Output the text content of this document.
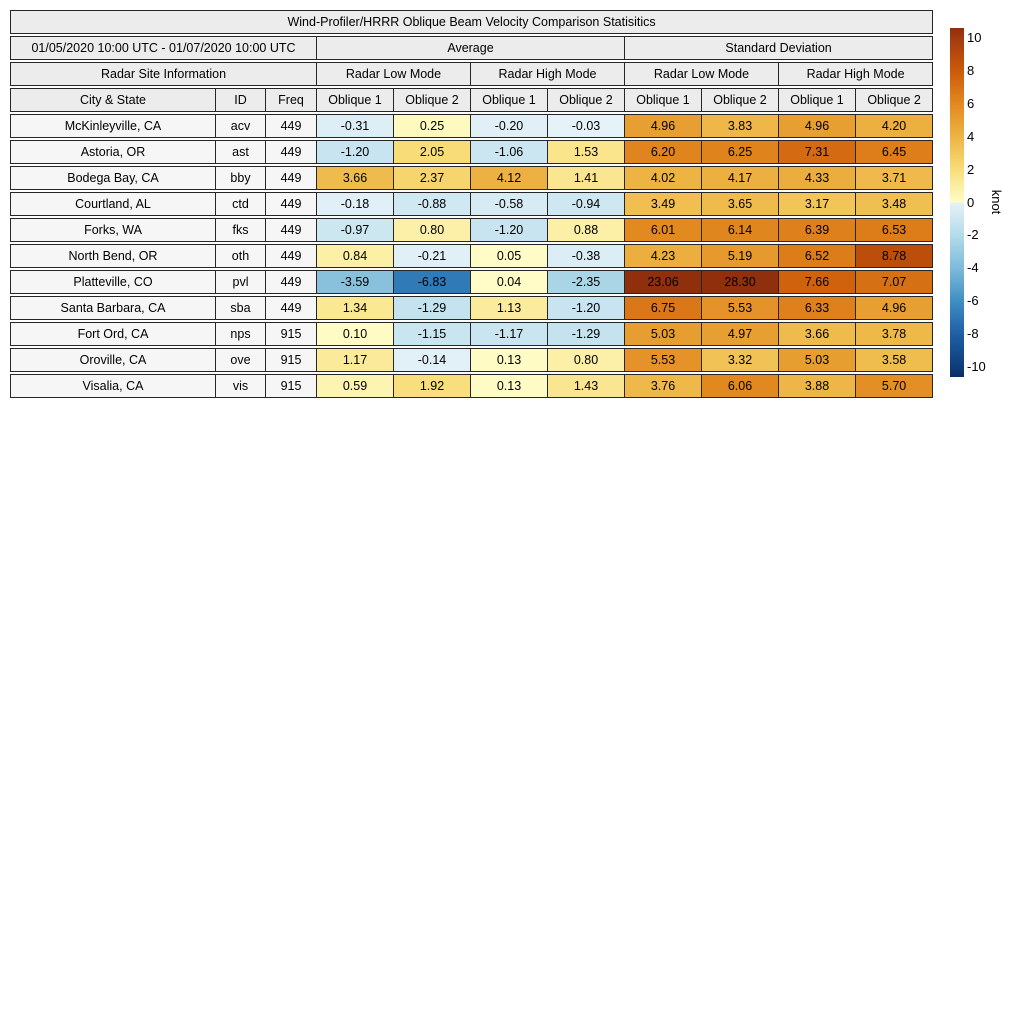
Wind-Profiler/HRRR Oblique Beam Velocity Comparison Statisitics										
01/05/2020 10:00 UTC - 01/07/2020 10:00 UTC			Average				Standard Deviation			
Radar Site Information			Radar Low Mode		Radar High Mode		Radar Low Mode		Radar High Mode	
City & State	ID	Freq	Oblique 1	Oblique 2	Oblique 1	Oblique 2	Oblique 1	Oblique 2	Oblique 1	Oblique 2
McKinleyville, CA	acv	449	-0.31	0.25	-0.20	-0.03	4.96	3.83	4.96	4.20
Astoria, OR	ast	449	-1.20	2.05	-1.06	1.53	6.20	6.25	7.31	6.45
Bodega Bay, CA	bby	449	3.66	2.37	4.12	1.41	4.02	4.17	4.33	3.71
Courtland, AL	ctd	449	-0.18	-0.88	-0.58	-0.94	3.49	3.65	3.17	3.48
Forks, WA	fks	449	-0.97	0.80	-1.20	0.88	6.01	6.14	6.39	6.53
North Bend, OR	oth	449	0.84	-0.21	0.05	-0.38	4.23	5.19	6.52	8.78
Platteville, CO	pvl	449	-3.59	-6.83	0.04	-2.35	23.06	28.30	7.66	7.07
Santa Barbara, CA	sba	449	1.34	-1.29	1.13	-1.20	6.75	5.53	6.33	4.96
Fort Ord, CA	nps	915	0.10	-1.15	-1.17	-1.29	5.03	4.97	3.66	3.78
Oroville, CA	ove	915	1.17	-0.14	0.13	0.80	5.53	3.32	5.03	3.58
Visalia, CA	vis	915	0.59	1.92	0.13	1.43	3.76	6.06	3.88	5.70
10
8
6
4
2
0
-2
-4
-6
-8
-10
knot
